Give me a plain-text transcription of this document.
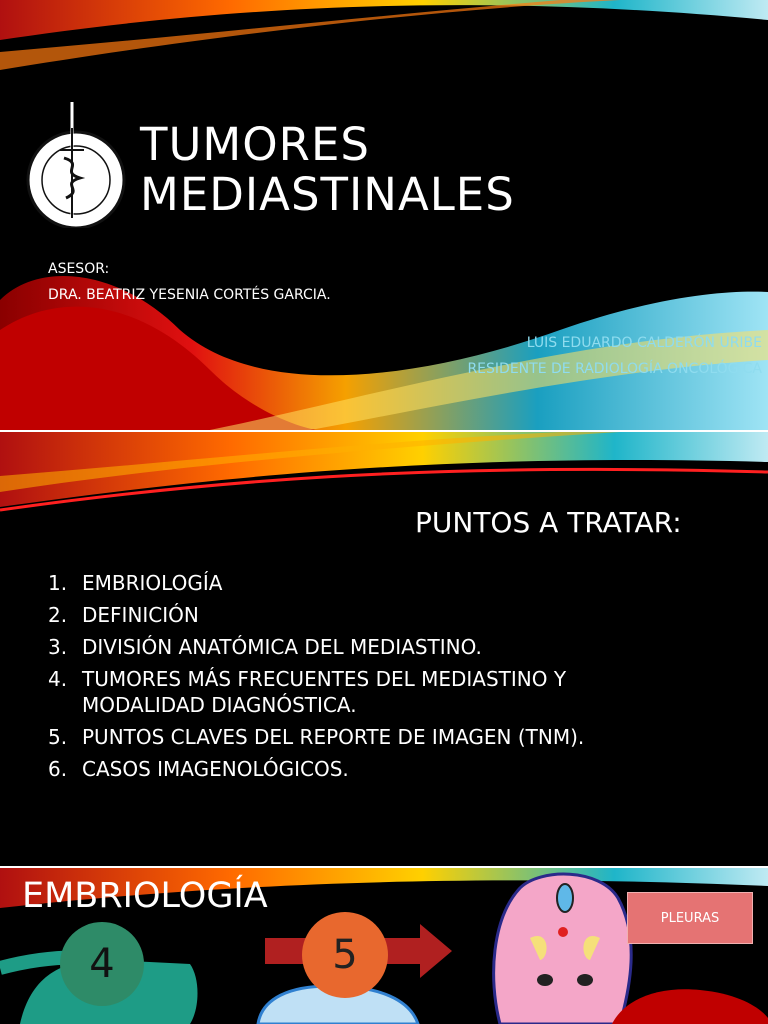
TUMORES
MEDIASTINALES
ASESOR:
DRA. BEATRIZ YESENIA CORTÉS GARCIA.
LUIS EDUARDO CALDERÓN URIBE
RESIDENTE DE RADIOLOGÍA ONCOLÓGICA
PUNTOS A TRATAR:
1. EMBRIOLOGÍA
2. DEFINICIÓN
3. DIVISIÓN ANATÓMICA DEL MEDIASTINO.
4. TUMORES MÁS FRECUENTES DEL MEDIASTINO Y MODALIDAD DIAGNÓSTICA.
5. PUNTOS CLAVES DEL REPORTE DE IMAGEN (TNM).
6. CASOS IMAGENOLÓGICOS.
EMBRIOLOGÍA
4	5
PLEURAS
